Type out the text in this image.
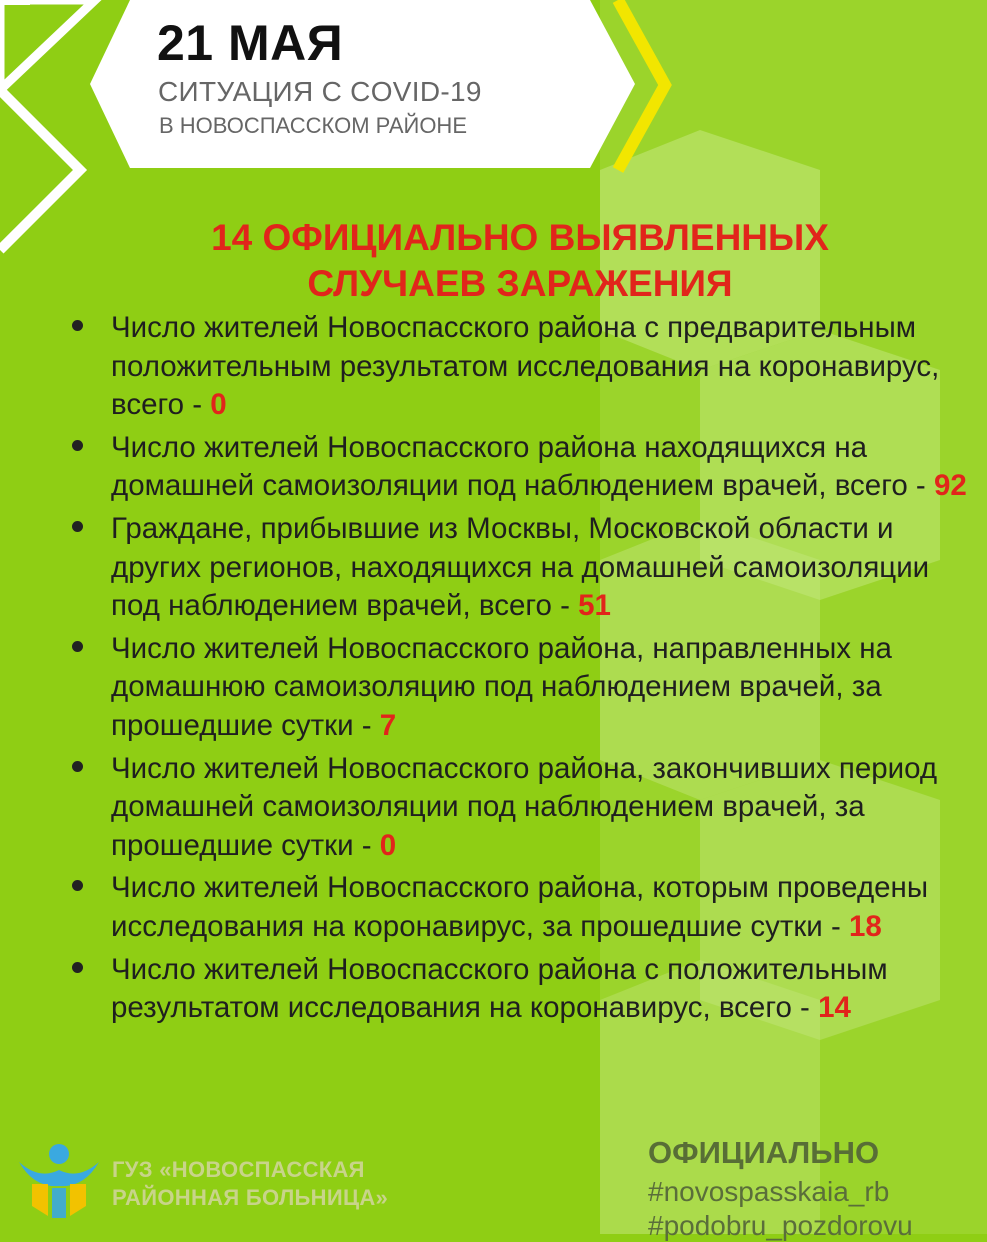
21 МАЯ
СИТУАЦИЯ С COVID-19
В НОВОСПАССКОМ РАЙОНЕ
14 ОФИЦИАЛЬНО ВЫЯВЛЕННЫХ
СЛУЧАЕВ ЗАРАЖЕНИЯ
Число жителей Новоспасского района с предварительным положительным результатом исследования на коронавирус, всего - 0
Число жителей Новоспасского района находящихся на домашней самоизоляции под наблюдением врачей, всего - 92
Граждане, прибывшие из Москвы, Московской области и других регионов, находящихся на домашней самоизоляции под наблюдением врачей, всего - 51
Число жителей Новоспасского района, направленных на домашнюю самоизоляцию под наблюдением врачей, за прошедшие сутки - 7
Число жителей Новоспасского района, закончивших период домашней самоизоляции под наблюдением врачей, за прошедшие сутки - 0
Число жителей Новоспасского района, которым проведены исследования на коронавирус, за прошедшие сутки - 18
Число жителей Новоспасского района с положительным результатом исследования на коронавирус, всего - 14
ГУЗ «НОВОСПАССКАЯ
РАЙОННАЯ БОЛЬНИЦА»
ОФИЦИАЛЬНО
#novospasskaia_rb
#podobru_pozdorovu
